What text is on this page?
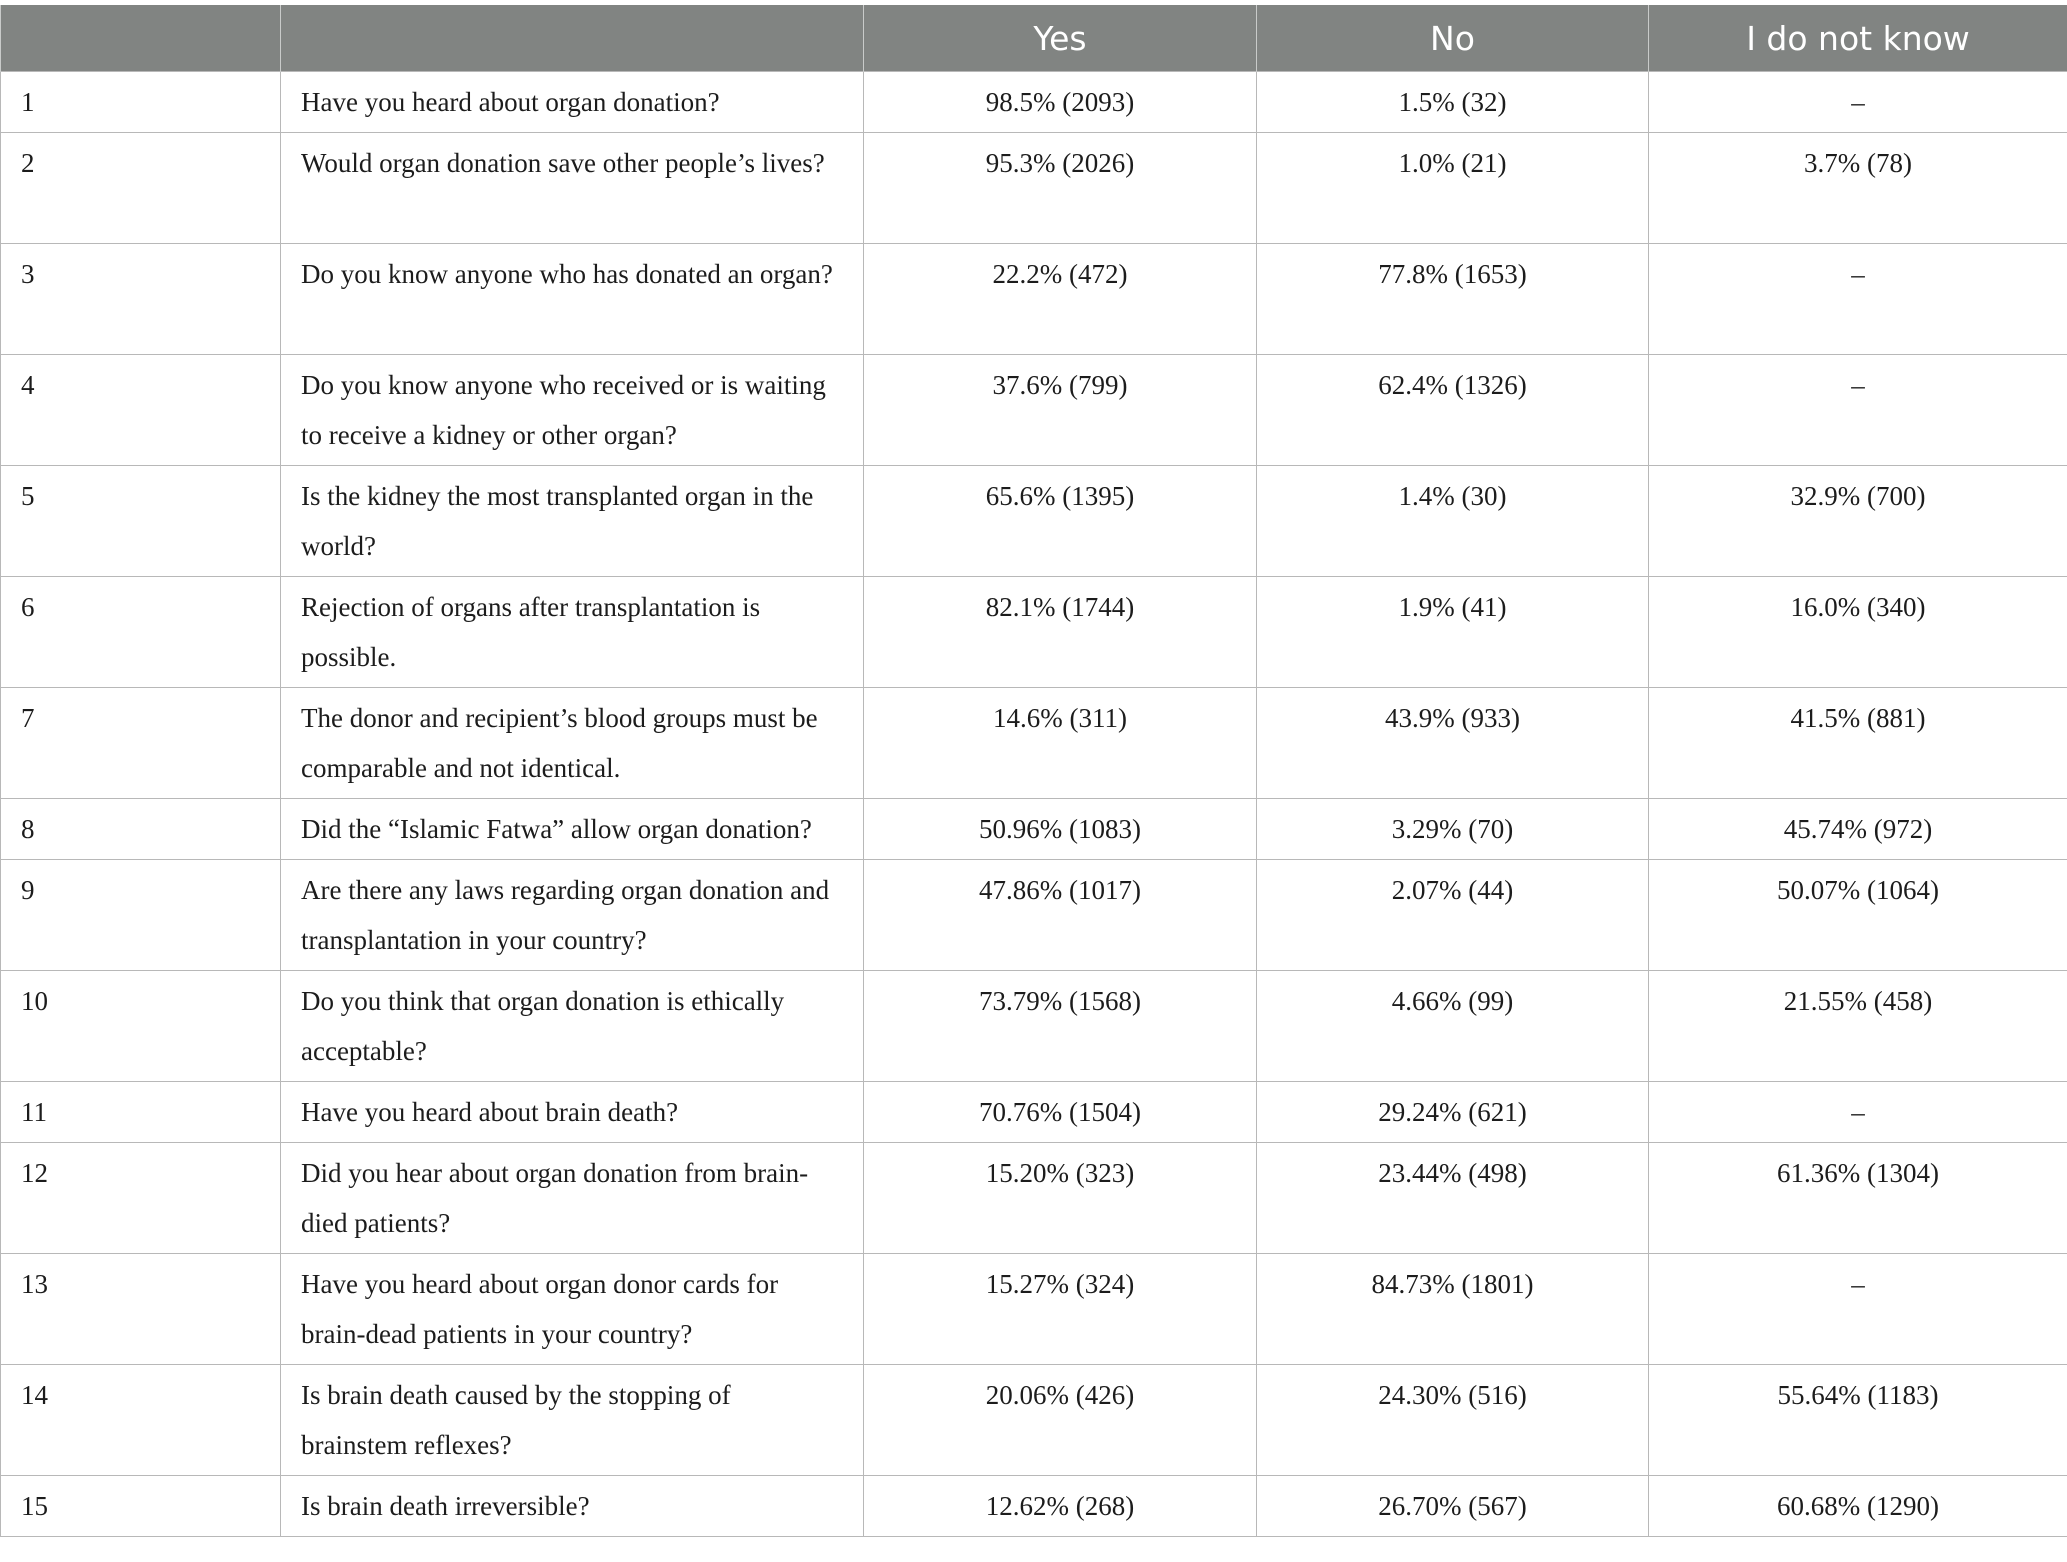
		Yes	No	I do not know
1	Have you heard about organ donation?	98.5% (2093)	1.5% (32)	–
2	Would organ donation save other people’s lives?	95.3% (2026)	1.0% (21)	3.7% (78)
3	Do you know anyone who has donated an organ?	22.2% (472)	77.8% (1653)	–
4	Do you know anyone who received or is waiting to receive a kidney or other organ?	37.6% (799)	62.4% (1326)	–
5	Is the kidney the most transplanted organ in the world?	65.6% (1395)	1.4% (30)	32.9% (700)
6	Rejection of organs after transplantation is possible.	82.1% (1744)	1.9% (41)	16.0% (340)
7	The donor and recipient’s blood groups must be comparable and not identical.	14.6% (311)	43.9% (933)	41.5% (881)
8	Did the “Islamic Fatwa” allow organ donation?	50.96% (1083)	3.29% (70)	45.74% (972)
9	Are there any laws regarding organ donation and transplantation in your country?	47.86% (1017)	2.07% (44)	50.07% (1064)
10	Do you think that organ donation is ethically acceptable?	73.79% (1568)	4.66% (99)	21.55% (458)
11	Have you heard about brain death?	70.76% (1504)	29.24% (621)	–
12	Did you hear about organ donation from brain-died patients?	15.20% (323)	23.44% (498)	61.36% (1304)
13	Have you heard about organ donor cards for brain-dead patients in your country?	15.27% (324)	84.73% (1801)	–
14	Is brain death caused by the stopping of brainstem reflexes?	20.06% (426)	24.30% (516)	55.64% (1183)
15	Is brain death irreversible?	12.62% (268)	26.70% (567)	60.68% (1290)
